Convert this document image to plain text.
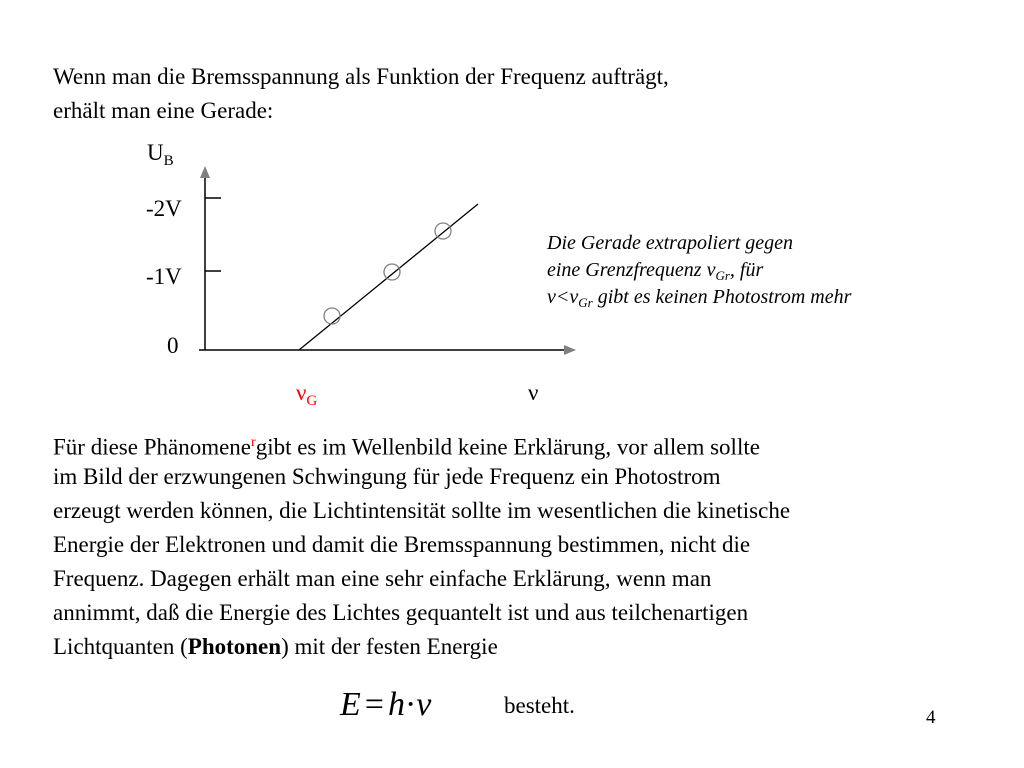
Wenn man die Bremsspannung als Funktion der Frequenz aufträgt,
erhält man eine Gerade:
$U_B$
-2V
-1V
0
$\nu_G$	ν
Die Gerade extrapoliert gegen
eine Grenzfrequenz $\nu_{Gr}$, für
$\nu<\nu_{Gr}$ gibt es keinen Photostrom mehr
Für diese Phänomene$^r$gibt es im Wellenbild keine Erklärung, vor allem sollte
im Bild der erzwungenen Schwingung für jede Frequenz ein Photostrom
erzeugt werden können, die Lichtintensität sollte im wesentlichen die kinetische
Energie der Elektronen und damit die Bremsspannung bestimmen, nicht die
Frequenz. Dagegen erhält man eine sehr einfache Erklärung, wenn man
annimmt, daß die Energie des Lichtes gequantelt ist und aus teilchenartigen
Lichtquanten (Photonen) mit der festen Energie
E = h·ν	besteht.	4
